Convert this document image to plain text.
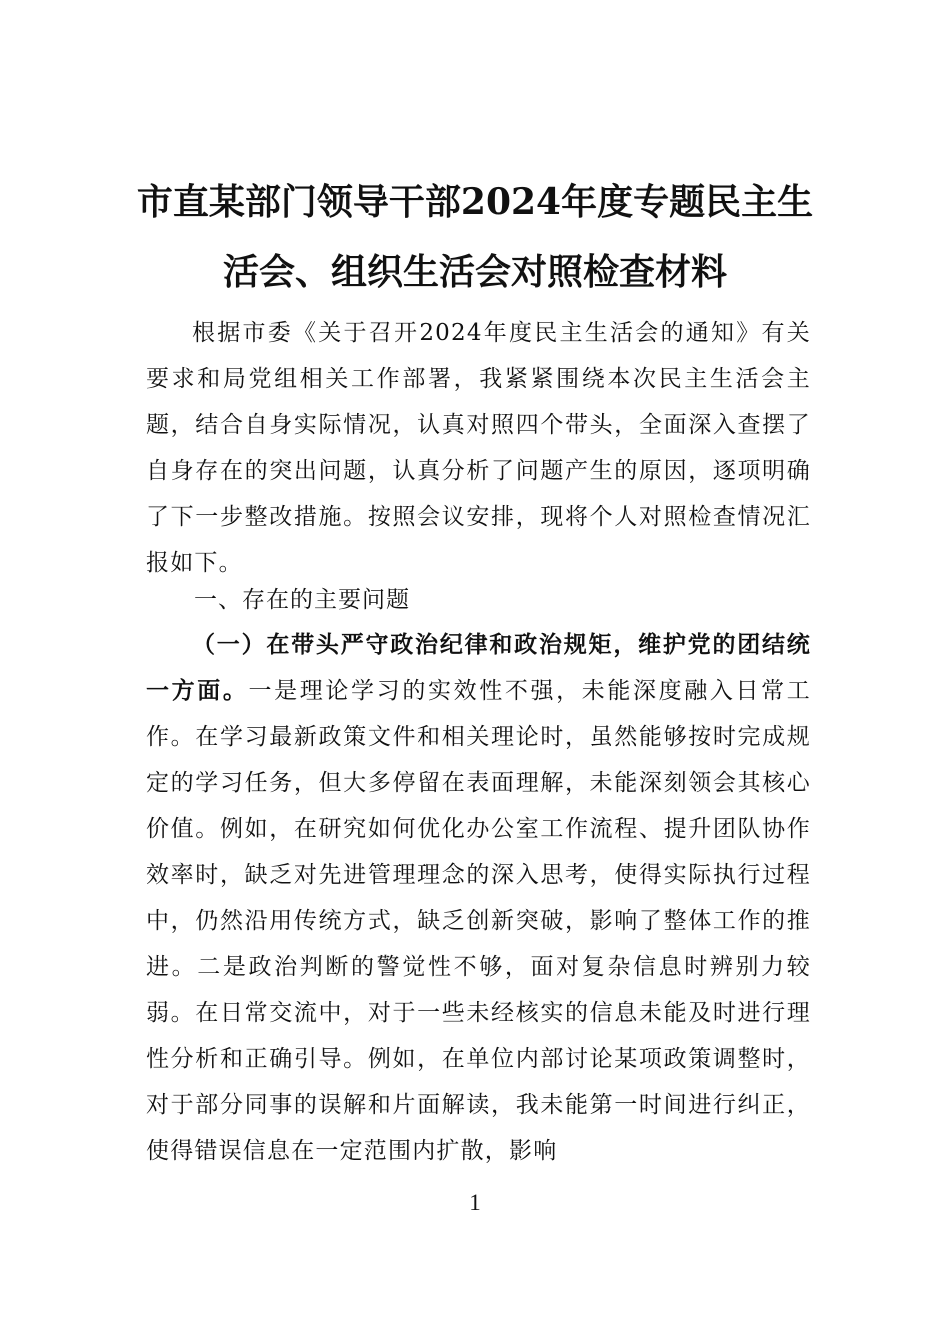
市直某部门领导干部2024年度专题民主生
活会、组织生活会对照检查材料

根据市委《关于召开2024年度民主生活会的通知》有关要求和局党组相关工作部署，我紧紧围绕本次民主生活会主题，结合自身实际情况，认真对照四个带头，全面深入查摆了自身存在的突出问题，认真分析了问题产生的原因，逐项明确了下一步整改措施。按照会议安排，现将个人对照检查情况汇报如下。

一、存在的主要问题

（一）在带头严守政治纪律和政治规矩，维护党的团结统一方面。一是理论学习的实效性不强，未能深度融入日常工作。在学习最新政策文件和相关理论时，虽然能够按时完成规定的学习任务，但大多停留在表面理解，未能深刻领会其核心价值。例如，在研究如何优化办公室工作流程、提升团队协作效率时，缺乏对先进管理理念的深入思考，使得实际执行过程中，仍然沿用传统方式，缺乏创新突破，影响了整体工作的推进。二是政治判断的警觉性不够，面对复杂信息时辨别力较弱。在日常交流中，对于一些未经核实的信息未能及时进行理性分析和正确引导。例如，在单位内部讨论某项政策调整时，对于部分同事的误解和片面解读，我未能第一时间进行纠正，使得错误信息在一定范围内扩散，影响

1
